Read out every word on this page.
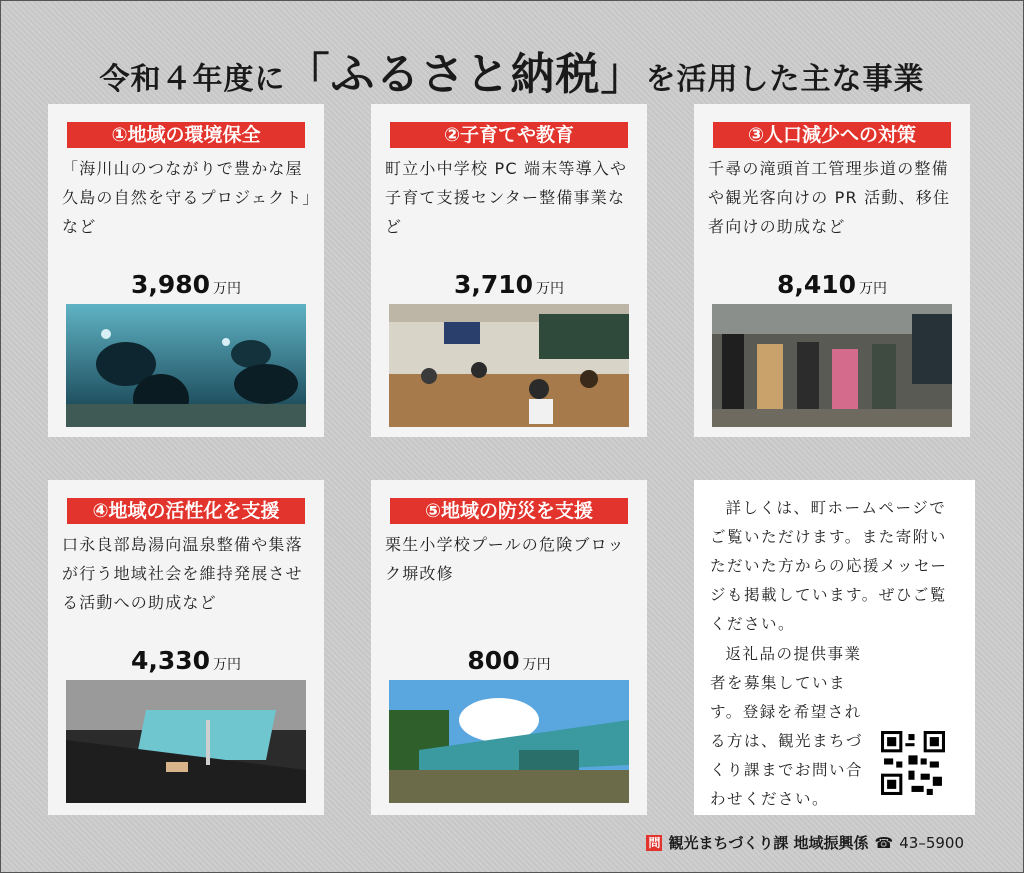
令和４年度に「ふるさと納税」を活用した主な事業
①地域の環境保全
「海川山のつながりで豊かな屋久島の自然を守るプロジェクト」など
3,980 万円
②子育てや教育
町立小中学校 PC 端末等導入や子育て支援センター整備事業など
3,710 万円
③人口減少への対策
千尋の滝頭首工管理歩道の整備や観光客向けの PR 活動、移住者向けの助成など
8,410 万円
④地域の活性化を支援
口永良部島湯向温泉整備や集落が行う地域社会を維持発展させる活動への助成など
4,330 万円
⑤地域の防災を支援
栗生小学校プールの危険ブロック塀改修
800 万円

詳しくは、町ホームページでご覧いただけます。また寄附いただいた方からの応援メッセージも掲載しています。ぜひご覧ください。

返礼品の提供事業者を募集しています。登録を希望される方は、観光まちづくり課までお問い合わせください。

問 観光まちづくり課 地域振興係 ☎ 43–5900
